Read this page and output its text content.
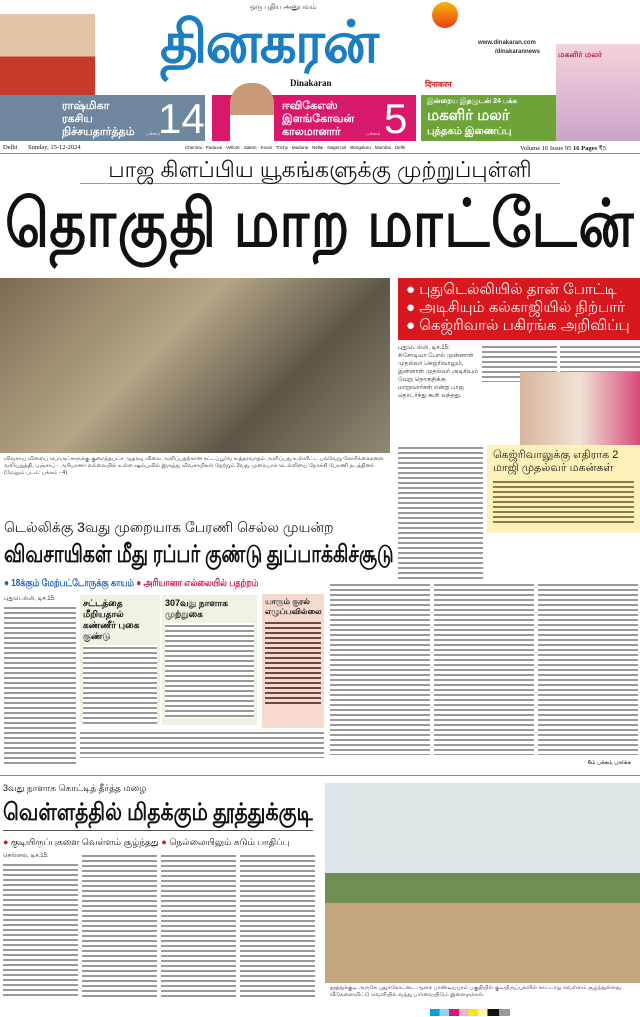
ஒரு புதிய அனுபவம்
தினகரன்
Dinakaran
www.dinakaran.com
/dinakarannews
दिनाकरन
மகளிர் மலர்
ராஷ்மிகா ரகசிய நிச்சயதார்த்தம் 14
பக்கம்
ஈவிகேஎஸ் இளங்கோவன் காலமானார்	5
பக்கம்
இன்றைய இதழுடன் 24 பக்க
மகளிர் மலர்
புத்தகம் இணைப்பு
Delhi Sunday, 15-12-2024	Chennai · Puduvai · Vellore · Salem · Kovai · Trichy · Madurai · Nellai · Nagercoil · Bengaluru · Mumbai · Delhi	Volume 16 Issue 95 16 Pages ₹5
பாஜ கிளப்பிய யூகங்களுக்கு முற்றுப்புள்ளி
தொகுதி மாற மாட்டேன்
● புதுடெல்லியில் தான் போட்டி
● அடிசியும் கல்காஜியில் நிற்பார்
● கெஜ்ரிவால் பகிரங்க அறிவிப்பு
புதுடெல்லி, டிச.15: சிசோடியா போல் முன்னாள் முதல்வர் கெஜ்ரிவாலும், இன்னாள் முதல்வர் அடிசியும் வேறு தொகுதிக்கு மாறுவார்கள் என்று பாஜ தொடர்ந்து கூறி வந்தது.
கெஜ்ரிவாலுக்கு எதிராக 2 மாஜி முதல்வர் மகன்கள்
விவசாய விளைப் பொருட்களுக்கு குறைந்தபட்ச ஆதரவு விலை அளிப்பதற்கான சட்டப்பூர்வ உத்தரவாதம் அளிப்பது உள்ளிட்ட பல்வேறு கோரிக்கைகளை வலியுறுத்தி, பஞ்சாப் - அரியானா எல்லையில் உள்ள ஷம்புவில் இருந்து விவசாயிகள் நேற்றும் 3வது முறையாக டெல்லியை நோக்கி பேரணி நடத்தினர். (மேலும் படம்: பக்கம் - 4).
டெல்லிக்கு 3வது முறையாக பேரணி செல்ல முயன்ற
விவசாயிகள் மீது ரப்பர் குண்டு துப்பாக்கிச்சூடு
● 18க்கும் மேற்பட்டோருக்கு காயம் ● அரியானா எல்லையில் பதற்றம்
புதுடெல்லி, டிச.15:	சட்டத்தை மீறியதால் கண்ணீர் புகை குண்டு
307வது நாளாக முற்றுகை
யாரும் குரல் எழுப்பவில்லை
6ம் பக்கம் பார்க்க
3வது நாளாக கொட்டித் தீர்த்த மழை
வெள்ளத்தில் மிதக்கும் தூத்துக்குடி
● குடியிருப்புகளை வெள்ளம் சூழ்ந்தது ● நெல்லையிலும் கடும் பாதிப்பு
நெல்லை, டிச.15:
தூத்துக்குடி அருகே புதுக்கோட்டை ஆசை பாண்டியபுரம் பகுதியில் குடியிருப்புகளில் காட்டாறு வெள்ளம் சூழ்ந்துள்ளது. வீடுகளைவிட்டு வெளியில் வந்து பார்வையிடும் இளைஞர்கள்.
